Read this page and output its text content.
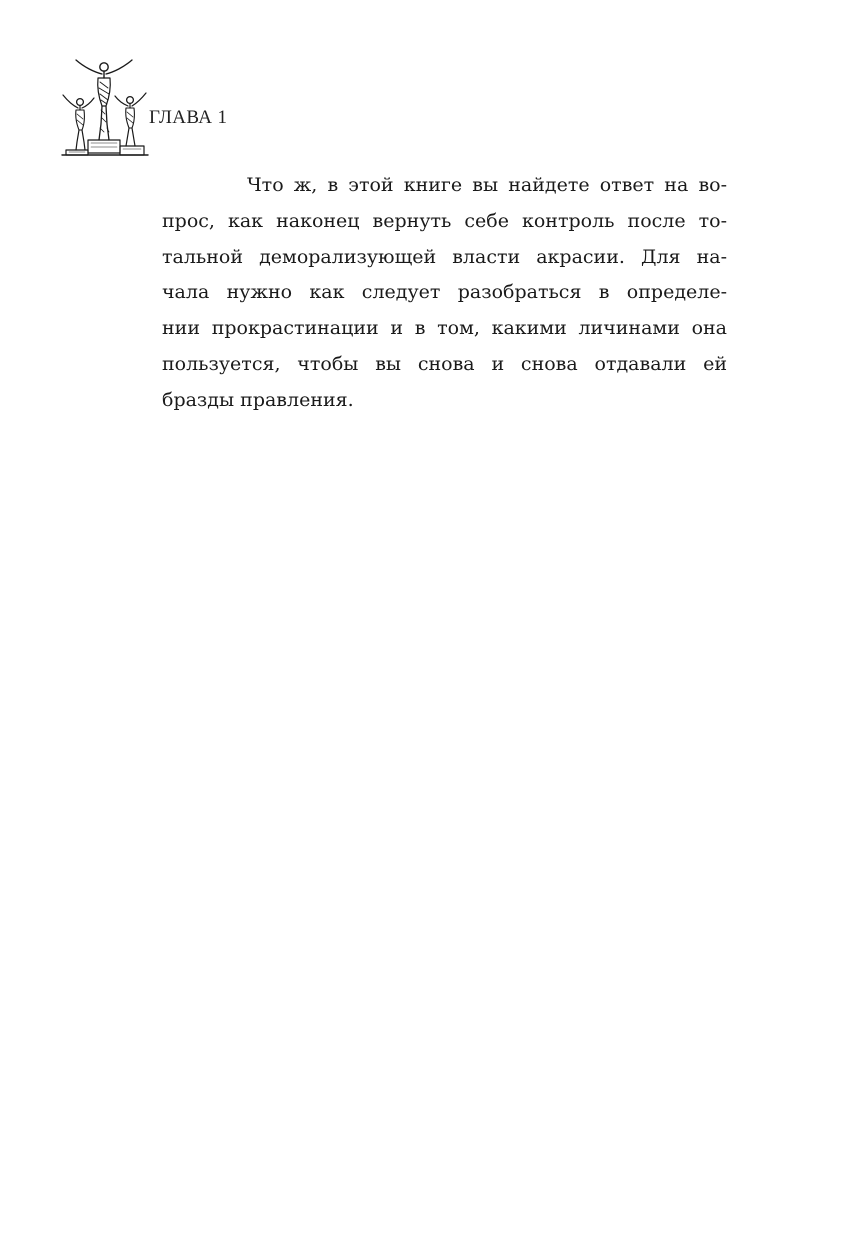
ГЛАВА 1
Что ж, в этой книге вы найдете ответ на во-
прос, как наконец вернуть себе контроль после то-
тальной деморализующей власти акрасии. Для на-
чала нужно как следует разобраться в определе-
нии прокрастинации и в том, какими личинами она
пользуется, чтобы вы снова и снова отдавали ей
бразды правления.
